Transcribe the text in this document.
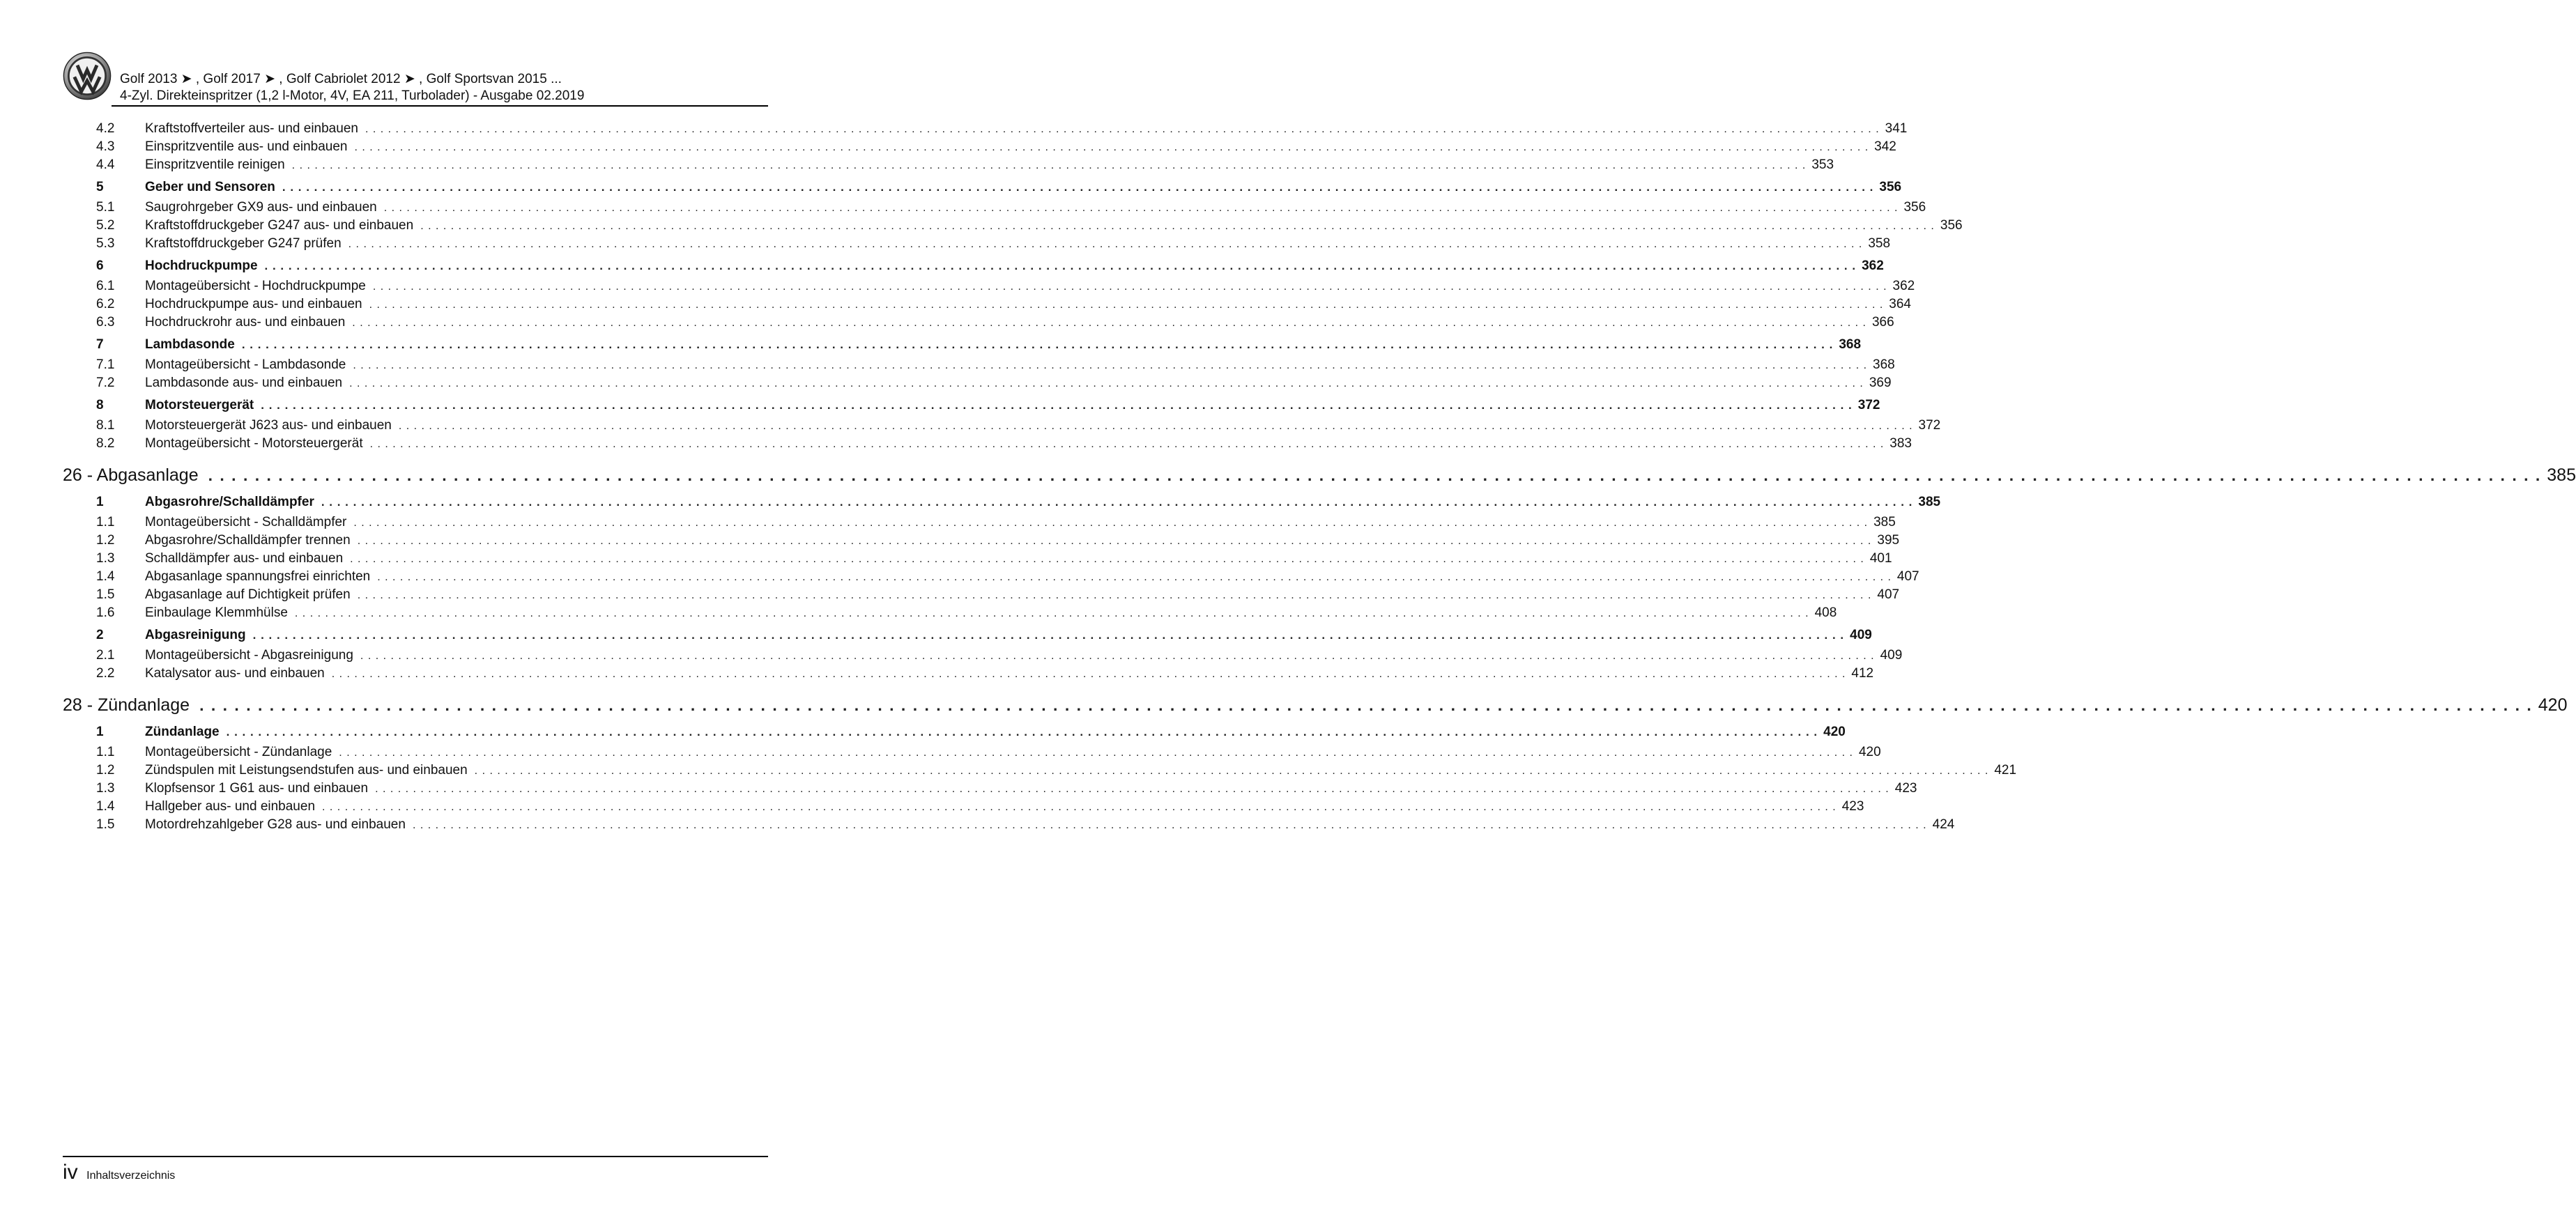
Golf 2013 ➤ , Golf 2017 ➤ , Golf Cabriolet 2012 ➤ , Golf Sportsvan 2015 ...
4-Zyl. Direkteinspritzer (1,2 l-Motor, 4V, EA 211, Turbolader) - Ausgabe 02.2019
4.2	Kraftstoffverteiler aus- und einbauen . . . . . . . . . . . . . . . . . . . . . . . . . . . . . . . . . . . . . . . . . . . . . . . . . . . . . . . . . . . . . . . . . . . . . . . . . . . . . . . . . . . . . . . . . . . . . . . . . . . . . . . . . . . . . . . . . . . . . . . . . . . . . . . . . . . . . . . . . . . . . . . . . . . . . . . . . . . . . . . . . . . . . . . . . . . . . . . . . . . . . . . . . . . . . . . . . . . . . . . . 341
4.3	Einspritzventile aus- und einbauen . . . . . . . . . . . . . . . . . . . . . . . . . . . . . . . . . . . . . . . . . . . . . . . . . . . . . . . . . . . . . . . . . . . . . . . . . . . . . . . . . . . . . . . . . . . . . . . . . . . . . . . . . . . . . . . . . . . . . . . . . . . . . . . . . . . . . . . . . . . . . . . . . . . . . . . . . . . . . . . . . . . . . . . . . . . . . . . . . . . . . . . . . . . . . . . . . . . . . . . . 342
4.4	Einspritzventile reinigen . . . . . . . . . . . . . . . . . . . . . . . . . . . . . . . . . . . . . . . . . . . . . . . . . . . . . . . . . . . . . . . . . . . . . . . . . . . . . . . . . . . . . . . . . . . . . . . . . . . . . . . . . . . . . . . . . . . . . . . . . . . . . . . . . . . . . . . . . . . . . . . . . . . . . . . . . . . . . . . . . . . . . . . . . . . . . . . . . . . . . . . . . . . . . . . . . . . . . . . . 353
5	Geber und Sensoren . . . . . . . . . . . . . . . . . . . . . . . . . . . . . . . . . . . . . . . . . . . . . . . . . . . . . . . . . . . . . . . . . . . . . . . . . . . . . . . . . . . . . . . . . . . . . . . . . . . . . . . . . . . . . . . . . . . . . . . . . . . . . . . . . . . . . . . . . . . . . . . . . . . . . . . . . . . . . . . . . . . . . . . . . . . . . . . . . . . . . . . . . . . . . . . . . . . . . . . . 356
5.1	Saugrohrgeber GX9 aus- und einbauen . . . . . . . . . . . . . . . . . . . . . . . . . . . . . . . . . . . . . . . . . . . . . . . . . . . . . . . . . . . . . . . . . . . . . . . . . . . . . . . . . . . . . . . . . . . . . . . . . . . . . . . . . . . . . . . . . . . . . . . . . . . . . . . . . . . . . . . . . . . . . . . . . . . . . . . . . . . . . . . . . . . . . . . . . . . . . . . . . . . . . . . . . . . . . . . . . . . . . . . . 356
5.2	Kraftstoffdruckgeber G247 aus- und einbauen . . . . . . . . . . . . . . . . . . . . . . . . . . . . . . . . . . . . . . . . . . . . . . . . . . . . . . . . . . . . . . . . . . . . . . . . . . . . . . . . . . . . . . . . . . . . . . . . . . . . . . . . . . . . . . . . . . . . . . . . . . . . . . . . . . . . . . . . . . . . . . . . . . . . . . . . . . . . . . . . . . . . . . . . . . . . . . . . . . . . . . . . . . . . . . . . . . . . . . . . 356
5.3	Kraftstoffdruckgeber G247 prüfen . . . . . . . . . . . . . . . . . . . . . . . . . . . . . . . . . . . . . . . . . . . . . . . . . . . . . . . . . . . . . . . . . . . . . . . . . . . . . . . . . . . . . . . . . . . . . . . . . . . . . . . . . . . . . . . . . . . . . . . . . . . . . . . . . . . . . . . . . . . . . . . . . . . . . . . . . . . . . . . . . . . . . . . . . . . . . . . . . . . . . . . . . . . . . . . . . . . . . . . . 358
6	Hochdruckpumpe . . . . . . . . . . . . . . . . . . . . . . . . . . . . . . . . . . . . . . . . . . . . . . . . . . . . . . . . . . . . . . . . . . . . . . . . . . . . . . . . . . . . . . . . . . . . . . . . . . . . . . . . . . . . . . . . . . . . . . . . . . . . . . . . . . . . . . . . . . . . . . . . . . . . . . . . . . . . . . . . . . . . . . . . . . . . . . . . . . . . . . . . . . . . . . . . . . . . . . . . 362
6.1	Montageübersicht - Hochdruckpumpe . . . . . . . . . . . . . . . . . . . . . . . . . . . . . . . . . . . . . . . . . . . . . . . . . . . . . . . . . . . . . . . . . . . . . . . . . . . . . . . . . . . . . . . . . . . . . . . . . . . . . . . . . . . . . . . . . . . . . . . . . . . . . . . . . . . . . . . . . . . . . . . . . . . . . . . . . . . . . . . . . . . . . . . . . . . . . . . . . . . . . . . . . . . . . . . . . . . . . . . . 362
6.2	Hochdruckpumpe aus- und einbauen . . . . . . . . . . . . . . . . . . . . . . . . . . . . . . . . . . . . . . . . . . . . . . . . . . . . . . . . . . . . . . . . . . . . . . . . . . . . . . . . . . . . . . . . . . . . . . . . . . . . . . . . . . . . . . . . . . . . . . . . . . . . . . . . . . . . . . . . . . . . . . . . . . . . . . . . . . . . . . . . . . . . . . . . . . . . . . . . . . . . . . . . . . . . . . . . . . . . . . . . 364
6.3	Hochdruckrohr aus- und einbauen . . . . . . . . . . . . . . . . . . . . . . . . . . . . . . . . . . . . . . . . . . . . . . . . . . . . . . . . . . . . . . . . . . . . . . . . . . . . . . . . . . . . . . . . . . . . . . . . . . . . . . . . . . . . . . . . . . . . . . . . . . . . . . . . . . . . . . . . . . . . . . . . . . . . . . . . . . . . . . . . . . . . . . . . . . . . . . . . . . . . . . . . . . . . . . . . . . . . . . . . 366
7	Lambdasonde . . . . . . . . . . . . . . . . . . . . . . . . . . . . . . . . . . . . . . . . . . . . . . . . . . . . . . . . . . . . . . . . . . . . . . . . . . . . . . . . . . . . . . . . . . . . . . . . . . . . . . . . . . . . . . . . . . . . . . . . . . . . . . . . . . . . . . . . . . . . . . . . . . . . . . . . . . . . . . . . . . . . . . . . . . . . . . . . . . . . . . . . . . . . . . . . . . . . . . . . 368
7.1	Montageübersicht - Lambdasonde . . . . . . . . . . . . . . . . . . . . . . . . . . . . . . . . . . . . . . . . . . . . . . . . . . . . . . . . . . . . . . . . . . . . . . . . . . . . . . . . . . . . . . . . . . . . . . . . . . . . . . . . . . . . . . . . . . . . . . . . . . . . . . . . . . . . . . . . . . . . . . . . . . . . . . . . . . . . . . . . . . . . . . . . . . . . . . . . . . . . . . . . . . . . . . . . . . . . . . . . 368
7.2	Lambdasonde aus- und einbauen . . . . . . . . . . . . . . . . . . . . . . . . . . . . . . . . . . . . . . . . . . . . . . . . . . . . . . . . . . . . . . . . . . . . . . . . . . . . . . . . . . . . . . . . . . . . . . . . . . . . . . . . . . . . . . . . . . . . . . . . . . . . . . . . . . . . . . . . . . . . . . . . . . . . . . . . . . . . . . . . . . . . . . . . . . . . . . . . . . . . . . . . . . . . . . . . . . . . . . . . 369
8	Motorsteuergerät . . . . . . . . . . . . . . . . . . . . . . . . . . . . . . . . . . . . . . . . . . . . . . . . . . . . . . . . . . . . . . . . . . . . . . . . . . . . . . . . . . . . . . . . . . . . . . . . . . . . . . . . . . . . . . . . . . . . . . . . . . . . . . . . . . . . . . . . . . . . . . . . . . . . . . . . . . . . . . . . . . . . . . . . . . . . . . . . . . . . . . . . . . . . . . . . . . . . . . . . 372
8.1	Motorsteuergerät J623 aus- und einbauen . . . . . . . . . . . . . . . . . . . . . . . . . . . . . . . . . . . . . . . . . . . . . . . . . . . . . . . . . . . . . . . . . . . . . . . . . . . . . . . . . . . . . . . . . . . . . . . . . . . . . . . . . . . . . . . . . . . . . . . . . . . . . . . . . . . . . . . . . . . . . . . . . . . . . . . . . . . . . . . . . . . . . . . . . . . . . . . . . . . . . . . . . . . . . . . . . . . . . . . . 372
8.2	Montageübersicht - Motorsteuergerät . . . . . . . . . . . . . . . . . . . . . . . . . . . . . . . . . . . . . . . . . . . . . . . . . . . . . . . . . . . . . . . . . . . . . . . . . . . . . . . . . . . . . . . . . . . . . . . . . . . . . . . . . . . . . . . . . . . . . . . . . . . . . . . . . . . . . . . . . . . . . . . . . . . . . . . . . . . . . . . . . . . . . . . . . . . . . . . . . . . . . . . . . . . . . . . . . . . . . . . . 383
26 - Abgasanlage . . . . . . . . . . . . . . . . . . . . . . . . . . . . . . . . . . . . . . . . . . . . . . . . . . . . . . . . . . . . . . . . . . . . . . . . . . . . . . . . . . . . . . . . . . . . . . . . . . . . . . . . . . . . . . . . . . . . . . . . . . . . . . . . . . . . . . . . . . . . . . . . . . . . . . . . . . . . . . . . . . . . . . . . . . . . . . . . . . . . . . . . . . . . . . . . . . . . . . . . 385
1	Abgasrohre/Schalldämpfer . . . . . . . . . . . . . . . . . . . . . . . . . . . . . . . . . . . . . . . . . . . . . . . . . . . . . . . . . . . . . . . . . . . . . . . . . . . . . . . . . . . . . . . . . . . . . . . . . . . . . . . . . . . . . . . . . . . . . . . . . . . . . . . . . . . . . . . . . . . . . . . . . . . . . . . . . . . . . . . . . . . . . . . . . . . . . . . . . . . . . . . . . . . . . . . . . . . . . . . . 385
1.1	Montageübersicht - Schalldämpfer . . . . . . . . . . . . . . . . . . . . . . . . . . . . . . . . . . . . . . . . . . . . . . . . . . . . . . . . . . . . . . . . . . . . . . . . . . . . . . . . . . . . . . . . . . . . . . . . . . . . . . . . . . . . . . . . . . . . . . . . . . . . . . . . . . . . . . . . . . . . . . . . . . . . . . . . . . . . . . . . . . . . . . . . . . . . . . . . . . . . . . . . . . . . . . . . . . . . . . . . 385
1.2	Abgasrohre/Schalldämpfer trennen . . . . . . . . . . . . . . . . . . . . . . . . . . . . . . . . . . . . . . . . . . . . . . . . . . . . . . . . . . . . . . . . . . . . . . . . . . . . . . . . . . . . . . . . . . . . . . . . . . . . . . . . . . . . . . . . . . . . . . . . . . . . . . . . . . . . . . . . . . . . . . . . . . . . . . . . . . . . . . . . . . . . . . . . . . . . . . . . . . . . . . . . . . . . . . . . . . . . . . . . 395
1.3	Schalldämpfer aus- und einbauen . . . . . . . . . . . . . . . . . . . . . . . . . . . . . . . . . . . . . . . . . . . . . . . . . . . . . . . . . . . . . . . . . . . . . . . . . . . . . . . . . . . . . . . . . . . . . . . . . . . . . . . . . . . . . . . . . . . . . . . . . . . . . . . . . . . . . . . . . . . . . . . . . . . . . . . . . . . . . . . . . . . . . . . . . . . . . . . . . . . . . . . . . . . . . . . . . . . . . . . . 401
1.4	Abgasanlage spannungsfrei einrichten . . . . . . . . . . . . . . . . . . . . . . . . . . . . . . . . . . . . . . . . . . . . . . . . . . . . . . . . . . . . . . . . . . . . . . . . . . . . . . . . . . . . . . . . . . . . . . . . . . . . . . . . . . . . . . . . . . . . . . . . . . . . . . . . . . . . . . . . . . . . . . . . . . . . . . . . . . . . . . . . . . . . . . . . . . . . . . . . . . . . . . . . . . . . . . . . . . . . . . . . 407
1.5	Abgasanlage auf Dichtigkeit prüfen . . . . . . . . . . . . . . . . . . . . . . . . . . . . . . . . . . . . . . . . . . . . . . . . . . . . . . . . . . . . . . . . . . . . . . . . . . . . . . . . . . . . . . . . . . . . . . . . . . . . . . . . . . . . . . . . . . . . . . . . . . . . . . . . . . . . . . . . . . . . . . . . . . . . . . . . . . . . . . . . . . . . . . . . . . . . . . . . . . . . . . . . . . . . . . . . . . . . . . . . 407
1.6	Einbaulage Klemmhülse . . . . . . . . . . . . . . . . . . . . . . . . . . . . . . . . . . . . . . . . . . . . . . . . . . . . . . . . . . . . . . . . . . . . . . . . . . . . . . . . . . . . . . . . . . . . . . . . . . . . . . . . . . . . . . . . . . . . . . . . . . . . . . . . . . . . . . . . . . . . . . . . . . . . . . . . . . . . . . . . . . . . . . . . . . . . . . . . . . . . . . . . . . . . . . . . . . . . . . . . 408
2	Abgasreinigung . . . . . . . . . . . . . . . . . . . . . . . . . . . . . . . . . . . . . . . . . . . . . . . . . . . . . . . . . . . . . . . . . . . . . . . . . . . . . . . . . . . . . . . . . . . . . . . . . . . . . . . . . . . . . . . . . . . . . . . . . . . . . . . . . . . . . . . . . . . . . . . . . . . . . . . . . . . . . . . . . . . . . . . . . . . . . . . . . . . . . . . . . . . . . . . . . . . . . . . . 409
2.1	Montageübersicht - Abgasreinigung . . . . . . . . . . . . . . . . . . . . . . . . . . . . . . . . . . . . . . . . . . . . . . . . . . . . . . . . . . . . . . . . . . . . . . . . . . . . . . . . . . . . . . . . . . . . . . . . . . . . . . . . . . . . . . . . . . . . . . . . . . . . . . . . . . . . . . . . . . . . . . . . . . . . . . . . . . . . . . . . . . . . . . . . . . . . . . . . . . . . . . . . . . . . . . . . . . . . . . . . 409
2.2	Katalysator aus- und einbauen . . . . . . . . . . . . . . . . . . . . . . . . . . . . . . . . . . . . . . . . . . . . . . . . . . . . . . . . . . . . . . . . . . . . . . . . . . . . . . . . . . . . . . . . . . . . . . . . . . . . . . . . . . . . . . . . . . . . . . . . . . . . . . . . . . . . . . . . . . . . . . . . . . . . . . . . . . . . . . . . . . . . . . . . . . . . . . . . . . . . . . . . . . . . . . . . . . . . . . . . 412
28 - Zündanlage . . . . . . . . . . . . . . . . . . . . . . . . . . . . . . . . . . . . . . . . . . . . . . . . . . . . . . . . . . . . . . . . . . . . . . . . . . . . . . . . . . . . . . . . . . . . . . . . . . . . . . . . . . . . . . . . . . . . . . . . . . . . . . . . . . . . . . . . . . . . . . . . . . . . . . . . . . . . . . . . . . . . . . . . . . . . . . . . . . . . . . . . . . . . . . . . . . . . . . . . 420
1	Zündanlage . . . . . . . . . . . . . . . . . . . . . . . . . . . . . . . . . . . . . . . . . . . . . . . . . . . . . . . . . . . . . . . . . . . . . . . . . . . . . . . . . . . . . . . . . . . . . . . . . . . . . . . . . . . . . . . . . . . . . . . . . . . . . . . . . . . . . . . . . . . . . . . . . . . . . . . . . . . . . . . . . . . . . . . . . . . . . . . . . . . . . . . . . . . . . . . . . . . . . . . . 420
1.1	Montageübersicht - Zündanlage . . . . . . . . . . . . . . . . . . . . . . . . . . . . . . . . . . . . . . . . . . . . . . . . . . . . . . . . . . . . . . . . . . . . . . . . . . . . . . . . . . . . . . . . . . . . . . . . . . . . . . . . . . . . . . . . . . . . . . . . . . . . . . . . . . . . . . . . . . . . . . . . . . . . . . . . . . . . . . . . . . . . . . . . . . . . . . . . . . . . . . . . . . . . . . . . . . . . . . . . 420
1.2	Zündspulen mit Leistungsendstufen aus- und einbauen . . . . . . . . . . . . . . . . . . . . . . . . . . . . . . . . . . . . . . . . . . . . . . . . . . . . . . . . . . . . . . . . . . . . . . . . . . . . . . . . . . . . . . . . . . . . . . . . . . . . . . . . . . . . . . . . . . . . . . . . . . . . . . . . . . . . . . . . . . . . . . . . . . . . . . . . . . . . . . . . . . . . . . . . . . . . . . . . . . . . . . . . . . . . . . . . . . . . . . . . 421
1.3	Klopfsensor 1 G61 aus- und einbauen . . . . . . . . . . . . . . . . . . . . . . . . . . . . . . . . . . . . . . . . . . . . . . . . . . . . . . . . . . . . . . . . . . . . . . . . . . . . . . . . . . . . . . . . . . . . . . . . . . . . . . . . . . . . . . . . . . . . . . . . . . . . . . . . . . . . . . . . . . . . . . . . . . . . . . . . . . . . . . . . . . . . . . . . . . . . . . . . . . . . . . . . . . . . . . . . . . . . . . . . 423
1.4	Hallgeber aus- und einbauen . . . . . . . . . . . . . . . . . . . . . . . . . . . . . . . . . . . . . . . . . . . . . . . . . . . . . . . . . . . . . . . . . . . . . . . . . . . . . . . . . . . . . . . . . . . . . . . . . . . . . . . . . . . . . . . . . . . . . . . . . . . . . . . . . . . . . . . . . . . . . . . . . . . . . . . . . . . . . . . . . . . . . . . . . . . . . . . . . . . . . . . . . . . . . . . . . . . . . . . . 423
1.5	Motordrehzahlgeber G28 aus- und einbauen . . . . . . . . . . . . . . . . . . . . . . . . . . . . . . . . . . . . . . . . . . . . . . . . . . . . . . . . . . . . . . . . . . . . . . . . . . . . . . . . . . . . . . . . . . . . . . . . . . . . . . . . . . . . . . . . . . . . . . . . . . . . . . . . . . . . . . . . . . . . . . . . . . . . . . . . . . . . . . . . . . . . . . . . . . . . . . . . . . . . . . . . . . . . . . . . . . . . . . . . 424
iv Inhaltsverzeichnis
